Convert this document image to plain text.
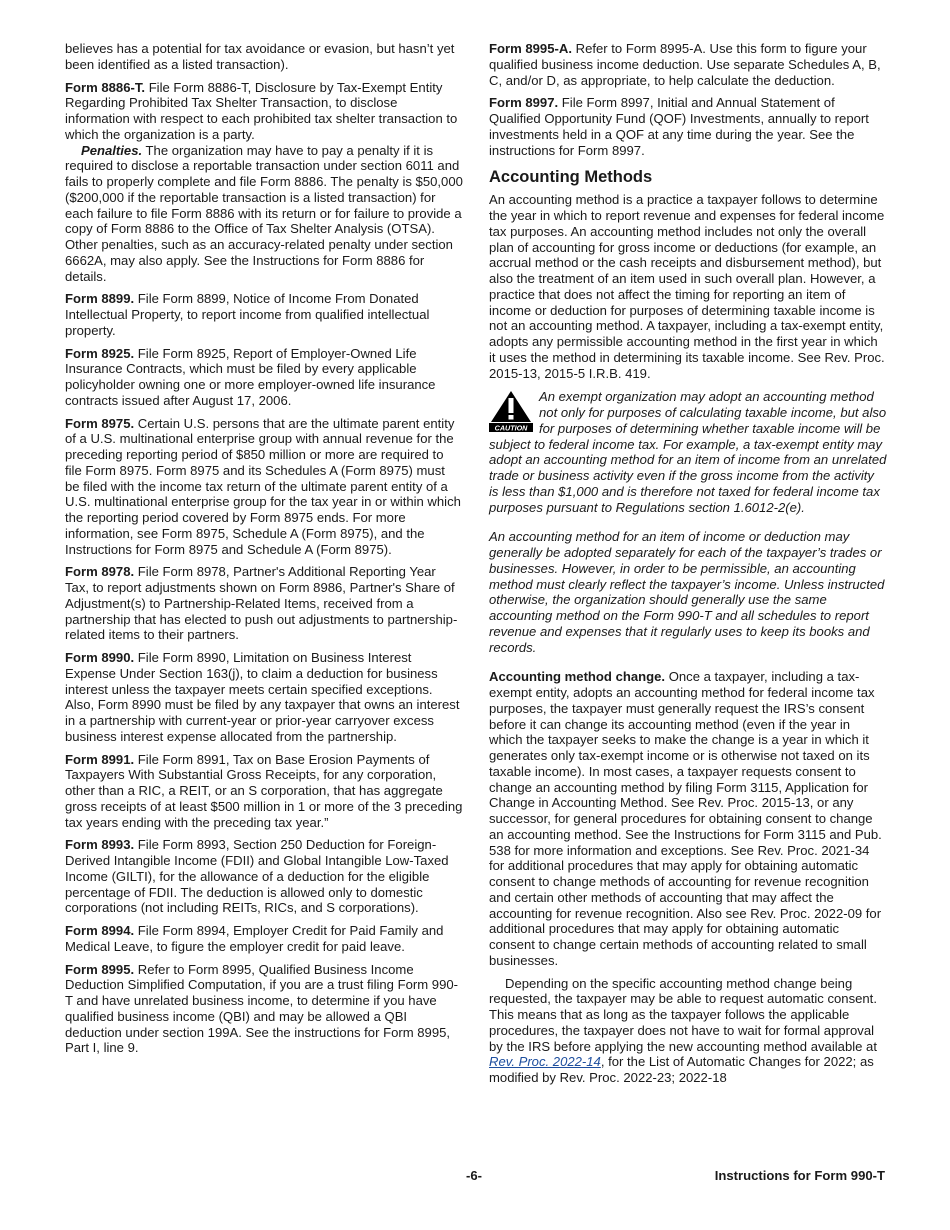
believes has a potential for tax avoidance or evasion, but hasn’t yet been identified as a listed transaction).

Form 8886-T. File Form 8886-T, Disclosure by Tax-Exempt Entity Regarding Prohibited Tax Shelter Transaction, to disclose information with respect to each prohibited tax shelter transaction to which the organization is a party.

Penalties. The organization may have to pay a penalty if it is required to disclose a reportable transaction under section 6011 and fails to properly complete and file Form 8886. The penalty is $50,000 ($200,000 if the reportable transaction is a listed transaction) for each failure to file Form 8886 with its return or for failure to provide a copy of Form 8886 to the Office of Tax Shelter Analysis (OTSA). Other penalties, such as an accuracy-related penalty under section 6662A, may also apply. See the Instructions for Form 8886 for details.

Form 8899. File Form 8899, Notice of Income From Donated Intellectual Property, to report income from qualified intellectual property.

Form 8925. File Form 8925, Report of Employer-Owned Life Insurance Contracts, which must be filed by every applicable policyholder owning one or more employer-owned life insurance contracts issued after August 17, 2006.

Form 8975. Certain U.S. persons that are the ultimate parent entity of a U.S. multinational enterprise group with annual revenue for the preceding reporting period of $850 million or more are required to file Form 8975. Form 8975 and its Schedules A (Form 8975) must be filed with the income tax return of the ultimate parent entity of a U.S. multinational enterprise group for the tax year in or within which the reporting period covered by Form 8975 ends. For more information, see Form 8975, Schedule A (Form 8975), and the Instructions for Form 8975 and Schedule A (Form 8975).

Form 8978. File Form 8978, Partner's Additional Reporting Year Tax, to report adjustments shown on Form 8986, Partner's Share of Adjustment(s) to Partnership-Related Items, received from a partnership that has elected to push out adjustments to partnership-related items to their partners.

Form 8990. File Form 8990, Limitation on Business Interest Expense Under Section 163(j), to claim a deduction for business interest unless the taxpayer meets certain specified exceptions. Also, Form 8990 must be filed by any taxpayer that owns an interest in a partnership with current-year or prior-year carryover excess business interest expense allocated from the partnership.

Form 8991. File Form 8991, Tax on Base Erosion Payments of Taxpayers With Substantial Gross Receipts, for any corporation, other than a RIC, a REIT, or an S corporation, that has aggregate gross receipts of at least $500 million in 1 or more of the 3 preceding tax years ending with the preceding tax year.”

Form 8993. File Form 8993, Section 250 Deduction for Foreign-Derived Intangible Income (FDII) and Global Intangible Low-Taxed Income (GILTI), for the allowance of a deduction for the eligible percentage of FDII. The deduction is allowed only to domestic corporations (not including REITs, RICs, and S corporations).

Form 8994. File Form 8994, Employer Credit for Paid Family and Medical Leave, to figure the employer credit for paid leave.

Form 8995. Refer to Form 8995, Qualified Business Income Deduction Simplified Computation, if you are a trust filing Form 990-T and have unrelated business income, to determine if you have qualified business income (QBI) and may be allowed a QBI deduction under section 199A. See the instructions for Form 8995, Part I, line 9.

Form 8995-A. Refer to Form 8995-A. Use this form to figure your qualified business income deduction. Use separate Schedules A, B, C, and/or D, as appropriate, to help calculate the deduction.

Form 8997. File Form 8997, Initial and Annual Statement of Qualified Opportunity Fund (QOF) Investments, annually to report investments held in a QOF at any time during the year. See the instructions for Form 8997.

Accounting Methods

An accounting method is a practice a taxpayer follows to determine the year in which to report revenue and expenses for federal income tax purposes. An accounting method includes not only the overall plan of accounting for gross income or deductions (for example, an accrual method or the cash receipts and disbursement method), but also the treatment of an item used in such overall plan. However, a practice that does not affect the timing for reporting an item of income or deduction for purposes of determining taxable income is not an accounting method. A taxpayer, including a tax-exempt entity, adopts any permissible accounting method in the first year in which it uses the method in determining its taxable income. See Rev. Proc. 2015-13, 2015-5 I.R.B. 419.

CAUTION

An exempt organization may adopt an accounting method not only for purposes of calculating taxable income, but also for purposes of determining whether taxable income will be subject to federal income tax. For example, a tax-exempt entity may adopt an accounting method for an item of income from an unrelated trade or business activity even if the gross income from the activity is less than $1,000 and is therefore not taxed for federal income tax purposes pursuant to Regulations section 1.6012-2(e).

An accounting method for an item of income or deduction may generally be adopted separately for each of the taxpayer’s trades or businesses. However, in order to be permissible, an accounting method must clearly reflect the taxpayer’s income. Unless instructed otherwise, the organization should generally use the same accounting method on the Form 990-T and all schedules to report revenue and expenses that it regularly uses to keep its books and records.

Accounting method change. Once a taxpayer, including a tax-exempt entity, adopts an accounting method for federal income tax purposes, the taxpayer must generally request the IRS’s consent before it can change its accounting method (even if the year in which the taxpayer seeks to make the change is a year in which it generates only tax-exempt income or is otherwise not taxed on its taxable income). In most cases, a taxpayer requests consent to change an accounting method by filing Form 3115, Application for Change in Accounting Method. See Rev. Proc. 2015-13, or any successor, for general procedures for obtaining consent to change an accounting method. See the Instructions for Form 3115 and Pub. 538 for more information and exceptions. See Rev. Proc. 2021-34 for additional procedures that may apply for obtaining automatic consent to change methods of accounting for revenue recognition and certain other methods of accounting that may affect the accounting for revenue recognition. Also see Rev. Proc. 2022-09 for additional procedures that may apply for obtaining automatic consent to change certain methods of accounting related to small businesses.

Depending on the specific accounting method change being requested, the taxpayer may be able to request automatic consent. This means that as long as the taxpayer follows the applicable procedures, the taxpayer does not have to wait for formal approval by the IRS before applying the new accounting method available at Rev. Proc. 2022-14, for the List of Automatic Changes for 2022; as modified by Rev. Proc. 2022-23; 2022-18

-6-	Instructions for Form 990-T
